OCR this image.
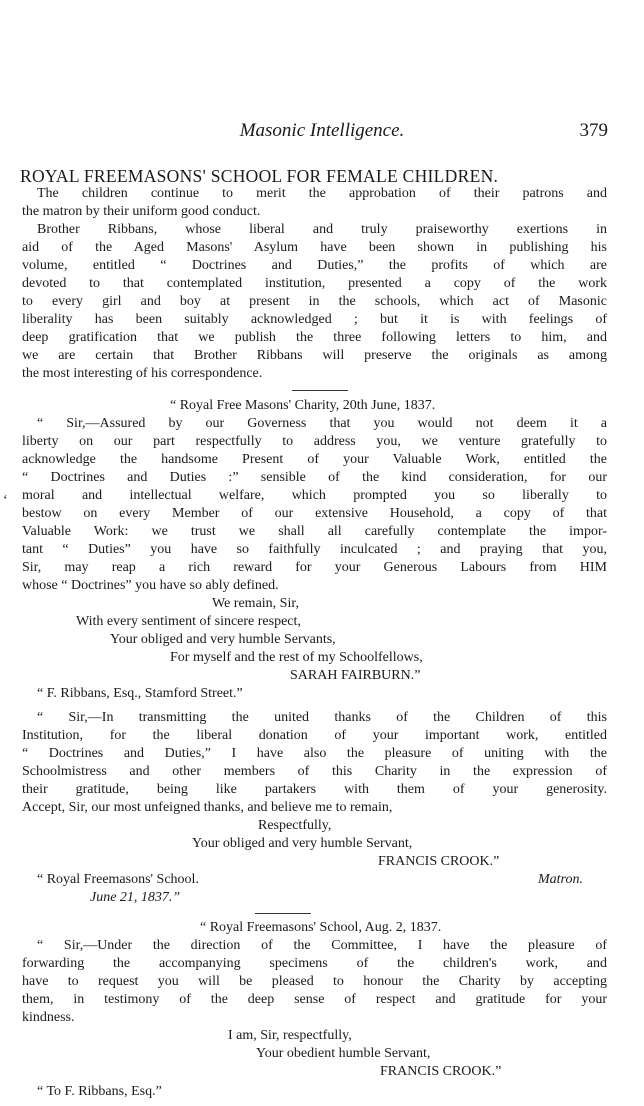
Masonic Intelligence.	379
ROYAL FREEMASONS' SCHOOL FOR FEMALE CHILDREN.
The children continue to merit the approbation of their patrons and
the matron by their uniform good conduct.
Brother Ribbans, whose liberal and truly praiseworthy exertions in
aid of the Aged Masons' Asylum have been shown in publishing his
volume, entitled “ Doctrines and Duties,” the profits of which are
devoted to that contemplated institution, presented a copy of the work
to every girl and boy at present in the schools, which act of Masonic
liberality has been suitably acknowledged ; but it is with feelings of
deep gratification that we publish the three following letters to him, and
we are certain that Brother Ribbans will preserve the originals as among
the most interesting of his correspondence.
“ Royal Free Masons' Charity, 20th June, 1837.
“ Sir,—Assured by our Governess that you would not deem it a
‘
liberty on our part respectfully to address you, we venture gratefully to
acknowledge the handsome Present of your Valuable Work, entitled the
“ Doctrines and Duties :” sensible of the kind consideration, for our
moral and intellectual welfare, which prompted you so liberally to
bestow on every Member of our extensive Household, a copy of that
Valuable Work: we trust we shall all carefully contemplate the impor-
tant “ Duties” you have so faithfully inculcated ; and praying that you,
Sir, may reap a rich reward for your Generous Labours from HIM
whose “ Doctrines” you have so ably defined.
We remain, Sir,
With every sentiment of sincere respect,
Your obliged and very humble Servants,
For myself and the rest of my Schoolfellows,
SARAH FAIRBURN.”
“ F. Ribbans, Esq., Stamford Street.”
“ Sir,—In transmitting the united thanks of the Children of this
Institution, for the liberal donation of your important work, entitled
“ Doctrines and Duties,” I have also the pleasure of uniting with the
Schoolmistress and other members of this Charity in the expression of
their gratitude, being like partakers with them of your generosity.
Accept, Sir, our most unfeigned thanks, and believe me to remain,
Respectfully,
Your obliged and very humble Servant,
FRANCIS CROOK.”
“ Royal Freemasons' School.	Matron.
June 21, 1837.”
“ Royal Freemasons' School, Aug. 2, 1837.
“ Sir,—Under the direction of the Committee, I have the pleasure of
forwarding the accompanying specimens of the children's work, and
have to request you will be pleased to honour the Charity by accepting
them, in testimony of the deep sense of respect and gratitude for your
kindness.
I am, Sir, respectfully,
Your obedient humble Servant,
FRANCIS CROOK.”
“ To F. Ribbans, Esq.”
